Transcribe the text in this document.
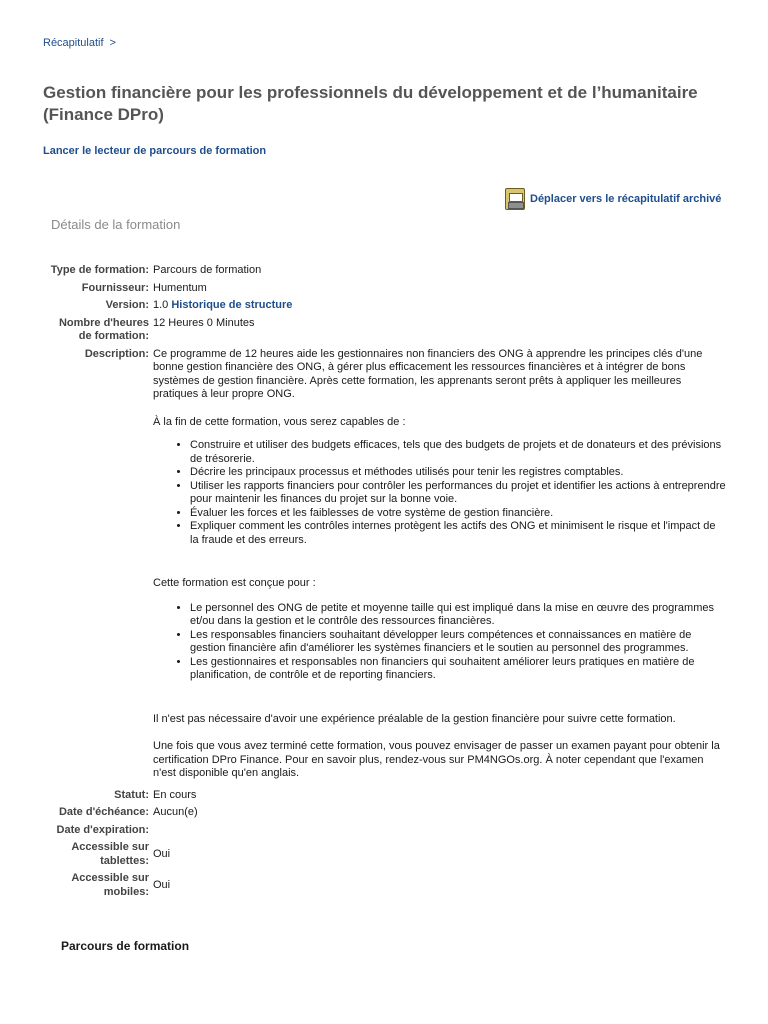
Récapitulatif >
Gestion financière pour les professionnels du développement et de l’humanitaire (Finance DPro)
Lancer le lecteur de parcours de formation
Déplacer vers le récapitulatif archivé
Détails de la formation
Type de formation: Parcours de formation
Fournisseur: Humentum
Version: 1.0 Historique de structure
Nombre d'heures de formation:
12 Heures 0 Minutes
Description: Ce programme de 12 heures aide les gestionnaires non financiers des ONG à apprendre les principes clés d'une bonne gestion financière des ONG, à gérer plus efficacement les ressources financières et à intégrer de bons systèmes de gestion financière. Après cette formation, les apprenants seront prêts à appliquer les meilleures pratiques à leur propre ONG.

À la fin de cette formation, vous serez capables de :

• Construire et utiliser des budgets efficaces, tels que des budgets de projets et de donateurs et des prévisions de trésorerie.
• Décrire les principaux processus et méthodes utilisés pour tenir les registres comptables.
• Utiliser les rapports financiers pour contrôler les performances du projet et identifier les actions à entreprendre pour maintenir les finances du projet sur la bonne voie.
• Évaluer les forces et les faiblesses de votre système de gestion financière.
• Expliquer comment les contrôles internes protègent les actifs des ONG et minimisent le risque et l'impact de la fraude et des erreurs.

Cette formation est conçue pour :

• Le personnel des ONG de petite et moyenne taille qui est impliqué dans la mise en œuvre des programmes et/ou dans la gestion et le contrôle des ressources financières.
• Les responsables financiers souhaitant développer leurs compétences et connaissances en matière de gestion financière afin d'améliorer les systèmes financiers et le soutien au personnel des programmes.
• Les gestionnaires et responsables non financiers qui souhaitent améliorer leurs pratiques en matière de planification, de contrôle et de reporting financiers.

Il n'est pas nécessaire d'avoir une expérience préalable de la gestion financière pour suivre cette formation.

Une fois que vous avez terminé cette formation, vous pouvez envisager de passer un examen payant pour obtenir la certification DPro Finance. Pour en savoir plus, rendez-vous sur PM4NGOs.org. À noter cependant que l'examen n'est disponible qu'en anglais.

Statut: En cours
Date d'échéance: Aucun(e)
Date d'expiration:
Accessible sur tablettes:
Oui
Accessible sur mobiles:
Oui
Parcours de formation
